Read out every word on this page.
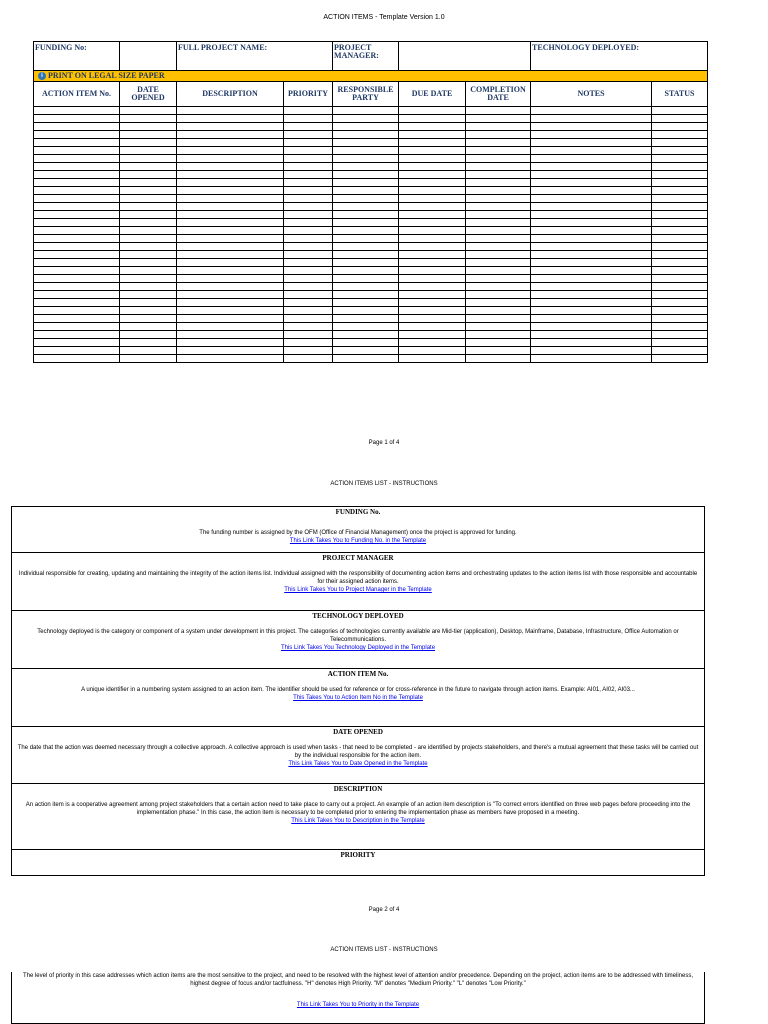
ACTION ITEMS - Template Version 1.0
FUNDING No:		FULL PROJECT NAME:		PROJECT MANAGER:			TECHNOLOGY DEPLOYED:	
i PRINT ON LEGAL SIZE PAPER								
ACTION ITEM No.	DATE OPENED	DESCRIPTION	PRIORITY	RESPONSIBLE PARTY	DUE DATE	COMPLETION DATE	NOTES	STATUS

Page 1 of 4
ACTION ITEMS LIST - INSTRUCTIONS
FUNDING No.
The funding number is assigned by the OFM (Office of Financial Management) once the project is approved for funding.
This Link Takes You to Funding No. in the Template
PROJECT MANAGER
Individual responsible for creating, updating and maintaining the integrity of the action items list. Individual assigned with the responsibility of documenting action items and orchestrating updates to the action items list with those responsible and accountable for their assigned action items.
This Link Takes You to Project Manager in the Template
TECHNOLOGY DEPLOYED
Technology deployed is the category or component of a system under development in this project. The categories of technologies currently available are Mid-tier (application), Desktop, Mainframe, Database, Infrastructure, Office Automation or Telecommunications.
This Link Takes You Technology Deployed in the Template
ACTION ITEM No.
A unique identifier in a numbering system assigned to an action item. The identifier should be used for reference or for cross-reference in the future to navigate through action items. Example: AI01, AI02, AI03...
This Takes You to Action Item No in the Template
DATE OPENED
The date that the action was deemed necessary through a collective approach. A collective approach is used when tasks - that need to be completed - are identified by projects stakeholders, and there's a mutual agreement that these tasks will be carried out by the individual responsible for the action item.
This Link Takes You to Date Opened in the Template
DESCRIPTION
An action item is a cooperative agreement among project stakeholders that a certain action need to take place to carry out a project. An example of an action item description is "To correct errors identified on three web pages before proceeding into the implementation phase." In this case, the action item is necessary to be completed prior to entering the implementation phase as members have proposed in a meeting.
This Link Takes You to Description in the Template
PRIORITY
Page 2 of 4
ACTION ITEMS LIST - INSTRUCTIONS
The level of priority in this case addresses which action items are the most sensitive to the project, and need to be resolved with the highest level of attention and/or precedence. Depending on the project, action items are to be addressed with timeliness, highest degree of focus and/or tactfulness. "H" denotes High Priority. "M" denotes "Medium Priority." "L" denotes "Low Priority."
This Link Takes You to Priority in the Template
